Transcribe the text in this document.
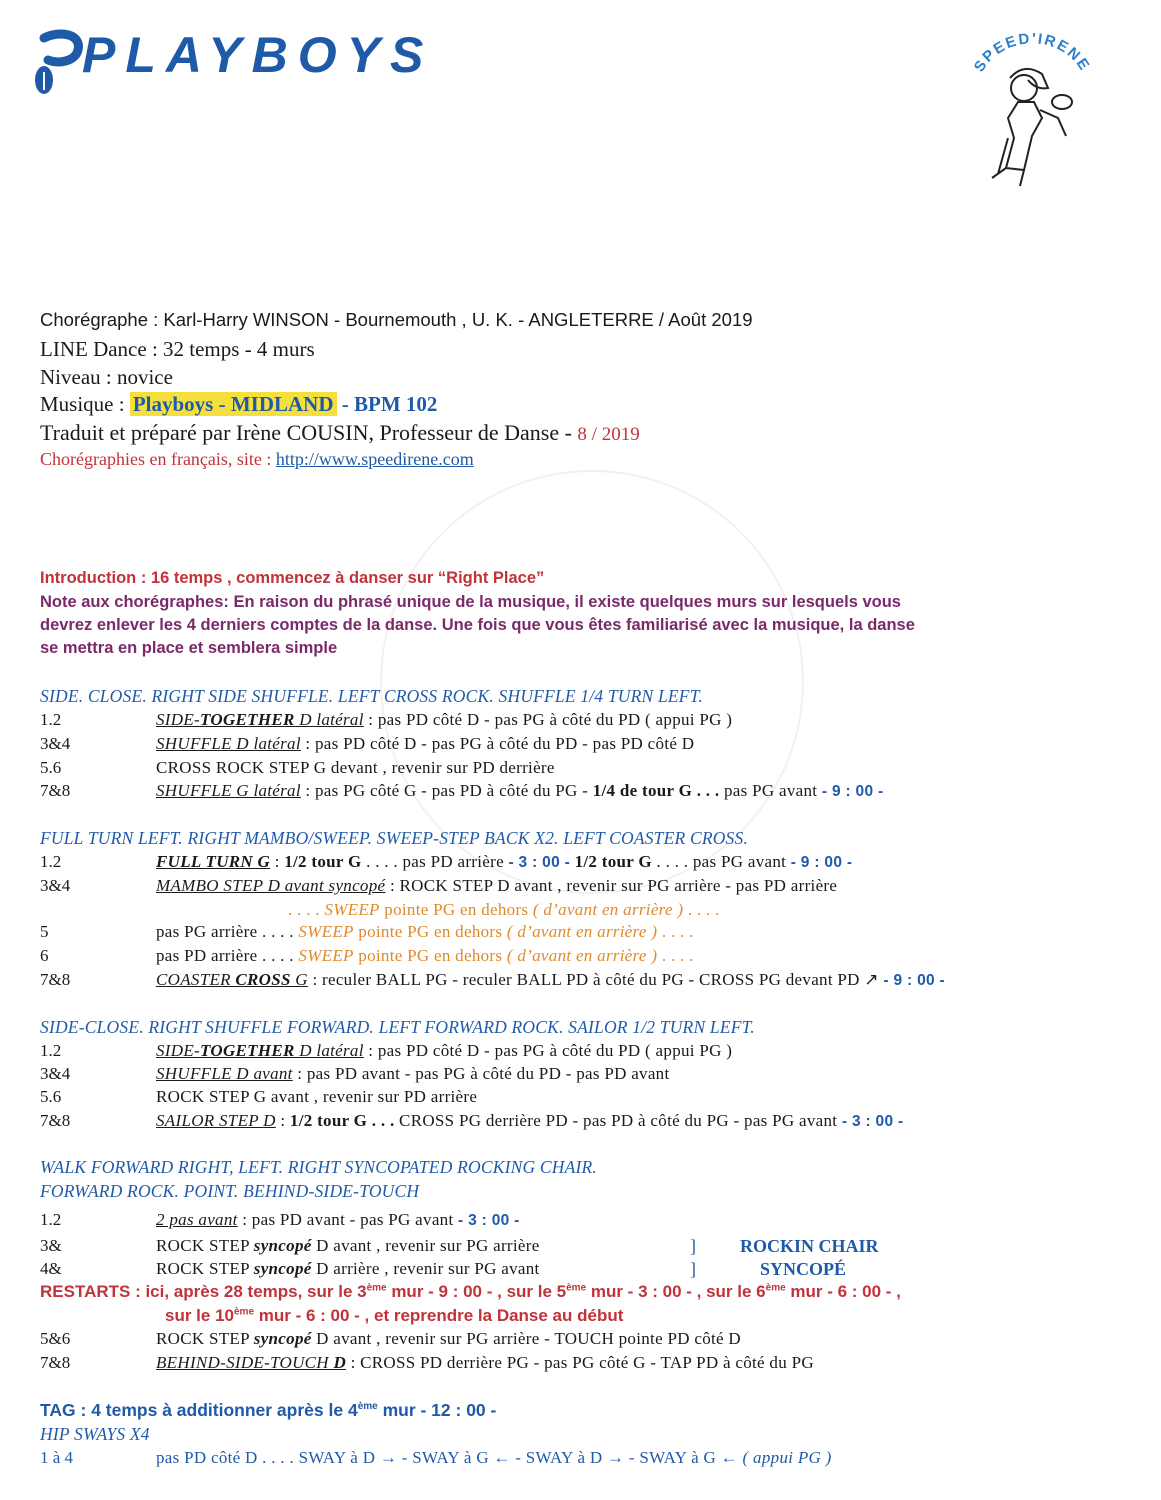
PLAYBOYS	SPEED'IRENE
Chorégraphe : Karl-Harry WINSON - Bournemouth , U. K. - ANGLETERRE / Août 2019
LINE Dance : 32 temps - 4 murs
Niveau : novice
Musique : Playboys - MIDLAND - BPM 102
Traduit et préparé par Irène COUSIN, Professeur de Danse - 8 / 2019
Chorégraphies en français, site : http://www.speedirene.com
Introduction : 16 temps , commencez à danser sur “Right Place”
Note aux chorégraphes: En raison du phrasé unique de la musique, il existe quelques murs sur lesquels vous
devrez enlever les 4 derniers comptes de la danse. Une fois que vous êtes familiarisé avec la musique, la danse
se mettra en place et semblera simple
SIDE. CLOSE. RIGHT SIDE SHUFFLE. LEFT CROSS ROCK. SHUFFLE 1/4 TURN LEFT.
1.2	SIDE-TOGETHER D latéral : pas PD côté D - pas PG à côté du PD ( appui PG )
3&4	SHUFFLE D latéral : pas PD côté D - pas PG à côté du PD - pas PD côté D
5.6	CROSS ROCK STEP G devant , revenir sur PD derrière
7&8	SHUFFLE G latéral : pas PG côté G - pas PD à côté du PG - 1/4 de tour G . . . pas PG avant - 9 : 00 -
FULL TURN LEFT. RIGHT MAMBO/SWEEP. SWEEP-STEP BACK X2. LEFT COASTER CROSS.
1.2	FULL TURN G : 1/2 tour G . . . . pas PD arrière - 3 : 00 - 1/2 tour G . . . . pas PG avant - 9 : 00 -
3&4	MAMBO STEP D avant syncopé : ROCK STEP D avant , revenir sur PG arrière - pas PD arrière
. . . . SWEEP pointe PG en dehors ( d’avant en arrière ) . . . .
5	pas PG arrière . . . . SWEEP pointe PG en dehors ( d’avant en arrière ) . . . .
6	pas PD arrière . . . . SWEEP pointe PG en dehors ( d’avant en arrière ) . . . .
7&8	COASTER CROSS G : reculer BALL PG - reculer BALL PD à côté du PG - CROSS PG devant PD ↗ - 9 : 00 -
SIDE-CLOSE. RIGHT SHUFFLE FORWARD. LEFT FORWARD ROCK. SAILOR 1/2 TURN LEFT.
1.2	SIDE-TOGETHER D latéral : pas PD côté D - pas PG à côté du PD ( appui PG )
3&4	SHUFFLE D avant : pas PD avant - pas PG à côté du PD - pas PD avant
5.6	ROCK STEP G avant , revenir sur PD arrière
7&8	SAILOR STEP D : 1/2 tour G . . . CROSS PG derrière PD - pas PD à côté du PG - pas PG avant - 3 : 00 -
WALK FORWARD RIGHT, LEFT. RIGHT SYNCOPATED ROCKING CHAIR.
FORWARD ROCK. POINT. BEHIND-SIDE-TOUCH
1.2	2 pas avant : pas PD avant - pas PG avant - 3 : 00 -
3&	ROCK STEP syncopé D avant , revenir sur PG arrière	] ROCKIN CHAIR
4&	ROCK STEP syncopé D arrière , revenir sur PG avant	]	SYNCOPÉ
RESTARTS : ici, après 28 temps, sur le 3ème mur - 9 : 00 - , sur le 5ème mur - 3 : 00 - , sur le 6ème mur - 6 : 00 - ,
sur le 10ème mur - 6 : 00 - , et reprendre la Danse au début
5&6	ROCK STEP syncopé D avant , revenir sur PG arrière - TOUCH pointe PD côté D
7&8	BEHIND-SIDE-TOUCH D : CROSS PD derrière PG - pas PG côté G - TAP PD à côté du PG
TAG : 4 temps à additionner après le 4ème mur - 12 : 00 -
HIP SWAYS X4
1 à 4	pas PD côté D . . . . SWAY à D → - SWAY à G ← - SWAY à D → - SWAY à G ← ( appui PG )
